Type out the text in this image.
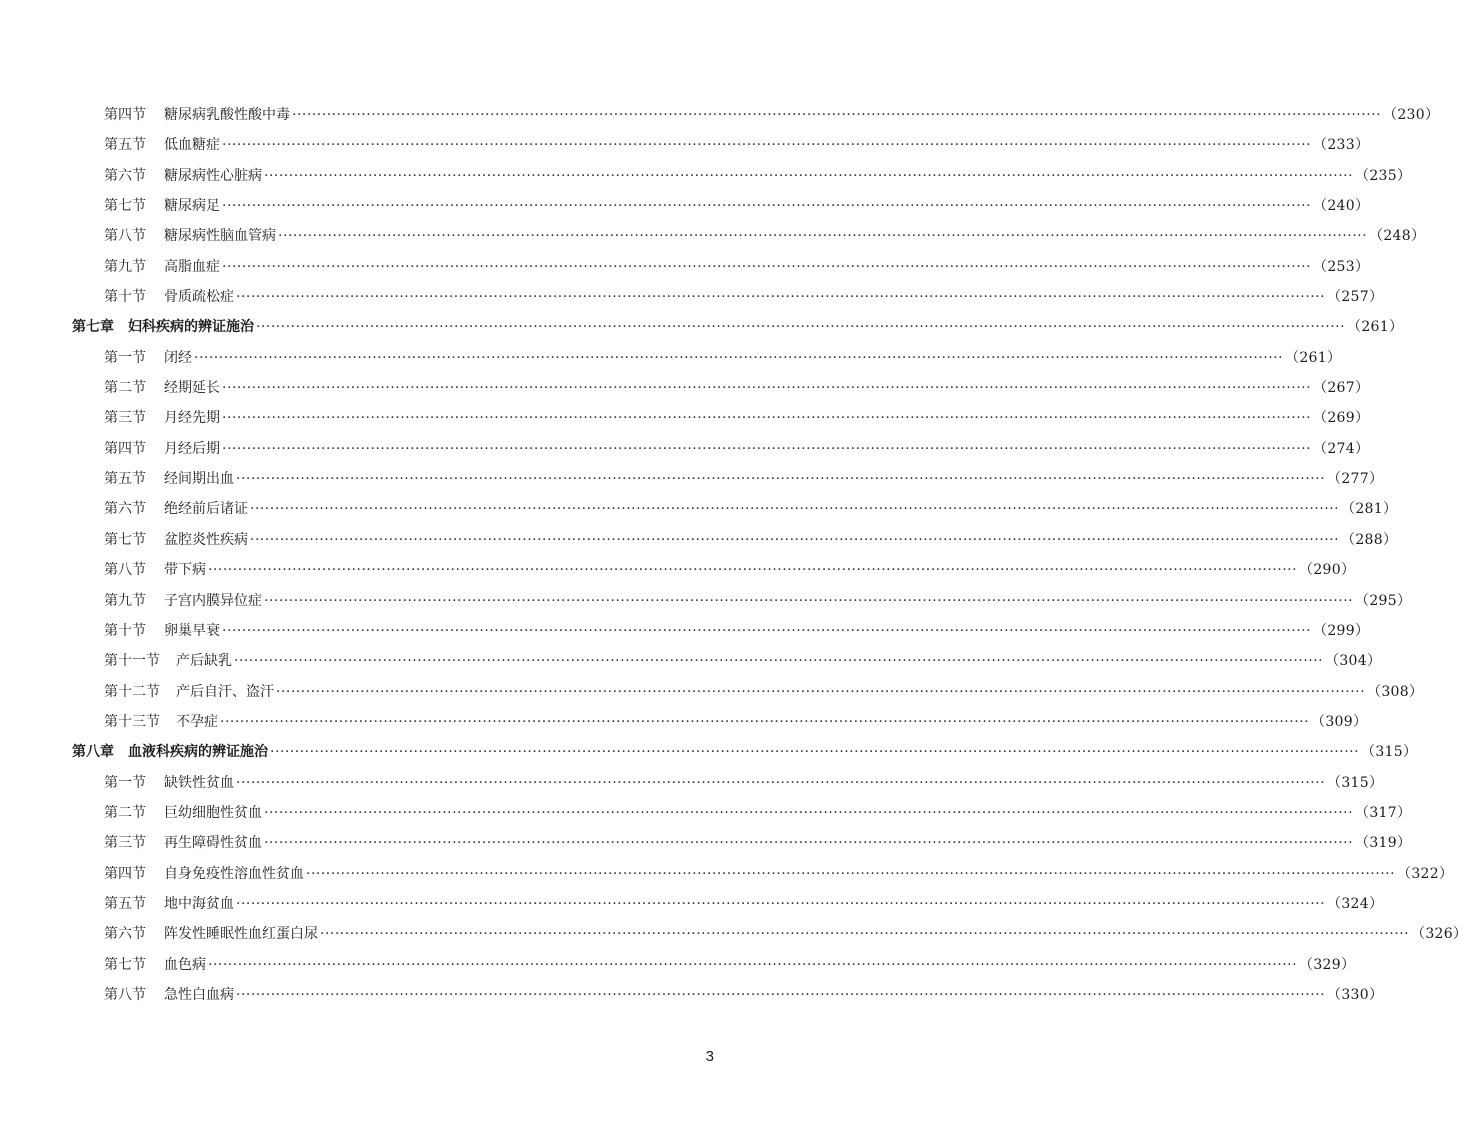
第四节 糖尿病乳酸性酸中毒 ···························································································································································································································· （230）
第五节 低血糖症 ···························································································································································································································· （233）
第六节 糖尿病性心脏病 ···························································································································································································································· （235）
第七节 糖尿病足 ···························································································································································································································· （240）
第八节 糖尿病性脑血管病 ···························································································································································································································· （248）
第九节 高脂血症 ···························································································································································································································· （253）
第十节 骨质疏松症 ···························································································································································································································· （257）
第七章 妇科疾病的辨证施治 ···························································································································································································································· （261）
第一节 闭经 ···························································································································································································································· （261）
第二节 经期延长 ···························································································································································································································· （267）
第三节 月经先期 ···························································································································································································································· （269）
第四节 月经后期 ···························································································································································································································· （274）
第五节 经间期出血 ···························································································································································································································· （277）
第六节 绝经前后诸证 ···························································································································································································································· （281）
第七节 盆腔炎性疾病 ···························································································································································································································· （288）
第八节 带下病 ···························································································································································································································· （290）
第九节 子宫内膜异位症 ···························································································································································································································· （295）
第十节 卵巢早衰 ···························································································································································································································· （299）
第十一节 产后缺乳 ···························································································································································································································· （304）
第十二节 产后自汗、盗汗 ···························································································································································································································· （308）
第十三节 不孕症 ···························································································································································································································· （309）
第八章 血液科疾病的辨证施治 ···························································································································································································································· （315）
第一节 缺铁性贫血 ···························································································································································································································· （315）
第二节 巨幼细胞性贫血 ···························································································································································································································· （317）
第三节 再生障碍性贫血 ···························································································································································································································· （319）
第四节 自身免疫性溶血性贫血 ···························································································································································································································· （322）
第五节 地中海贫血 ···························································································································································································································· （324）
第六节 阵发性睡眠性血红蛋白尿 ···························································································································································································································· （326）
第七节 血色病 ···························································································································································································································· （329）
第八节 急性白血病 ···························································································································································································································· （330）
3
